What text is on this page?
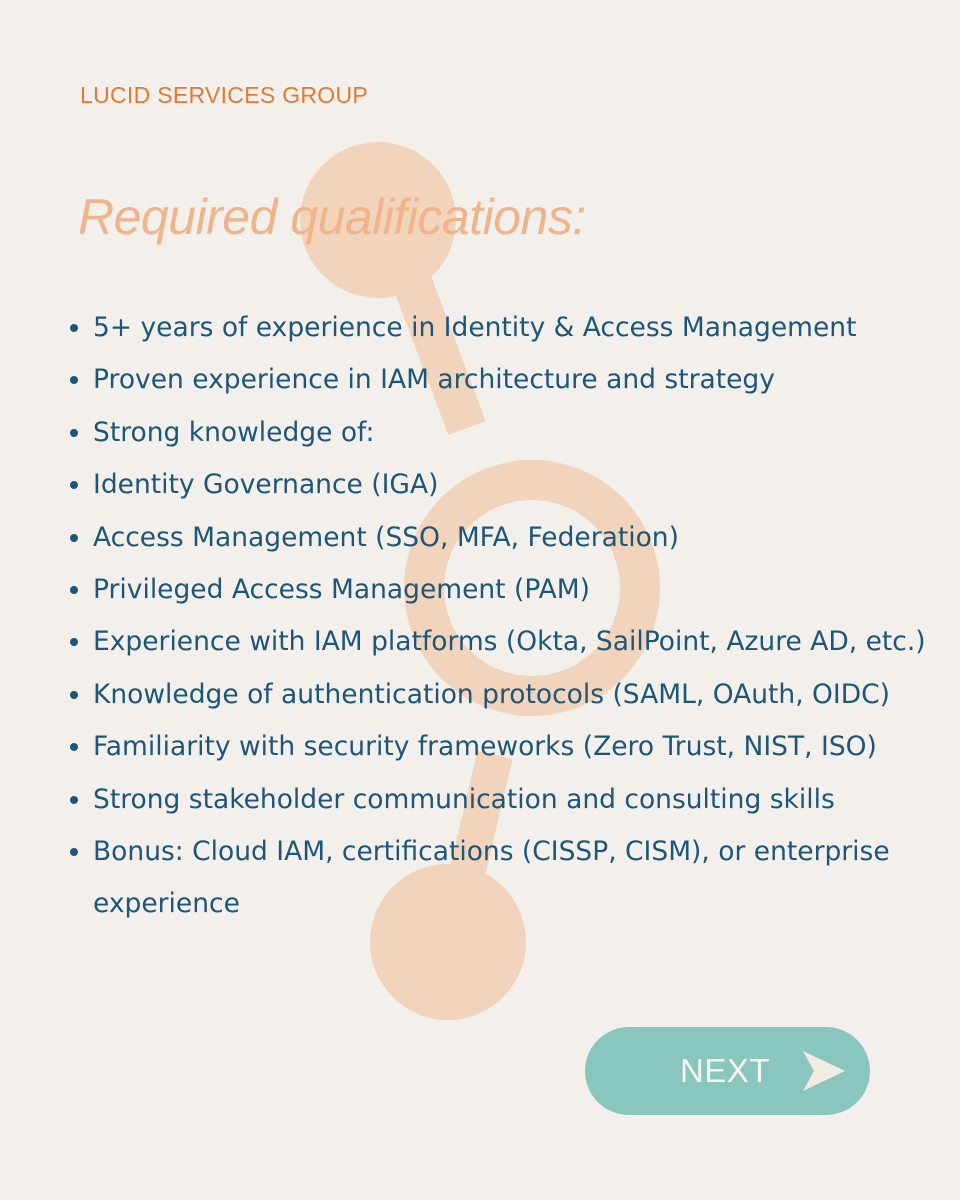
LUCID SERVICES GROUP
Required qualifications:
5+ years of experience in Identity & Access Management
Proven experience in IAM architecture and strategy
Strong knowledge of:
Identity Governance (IGA)
Access Management (SSO, MFA, Federation)
Privileged Access Management (PAM)
Experience with IAM platforms (Okta, SailPoint, Azure AD, etc.)
Knowledge of authentication protocols (SAML, OAuth, OIDC)
Familiarity with security frameworks (Zero Trust, NIST, ISO)
Strong stakeholder communication and consulting skills
Bonus: Cloud IAM, certifications (CISSP, CISM), or enterprise experience
NEXT
